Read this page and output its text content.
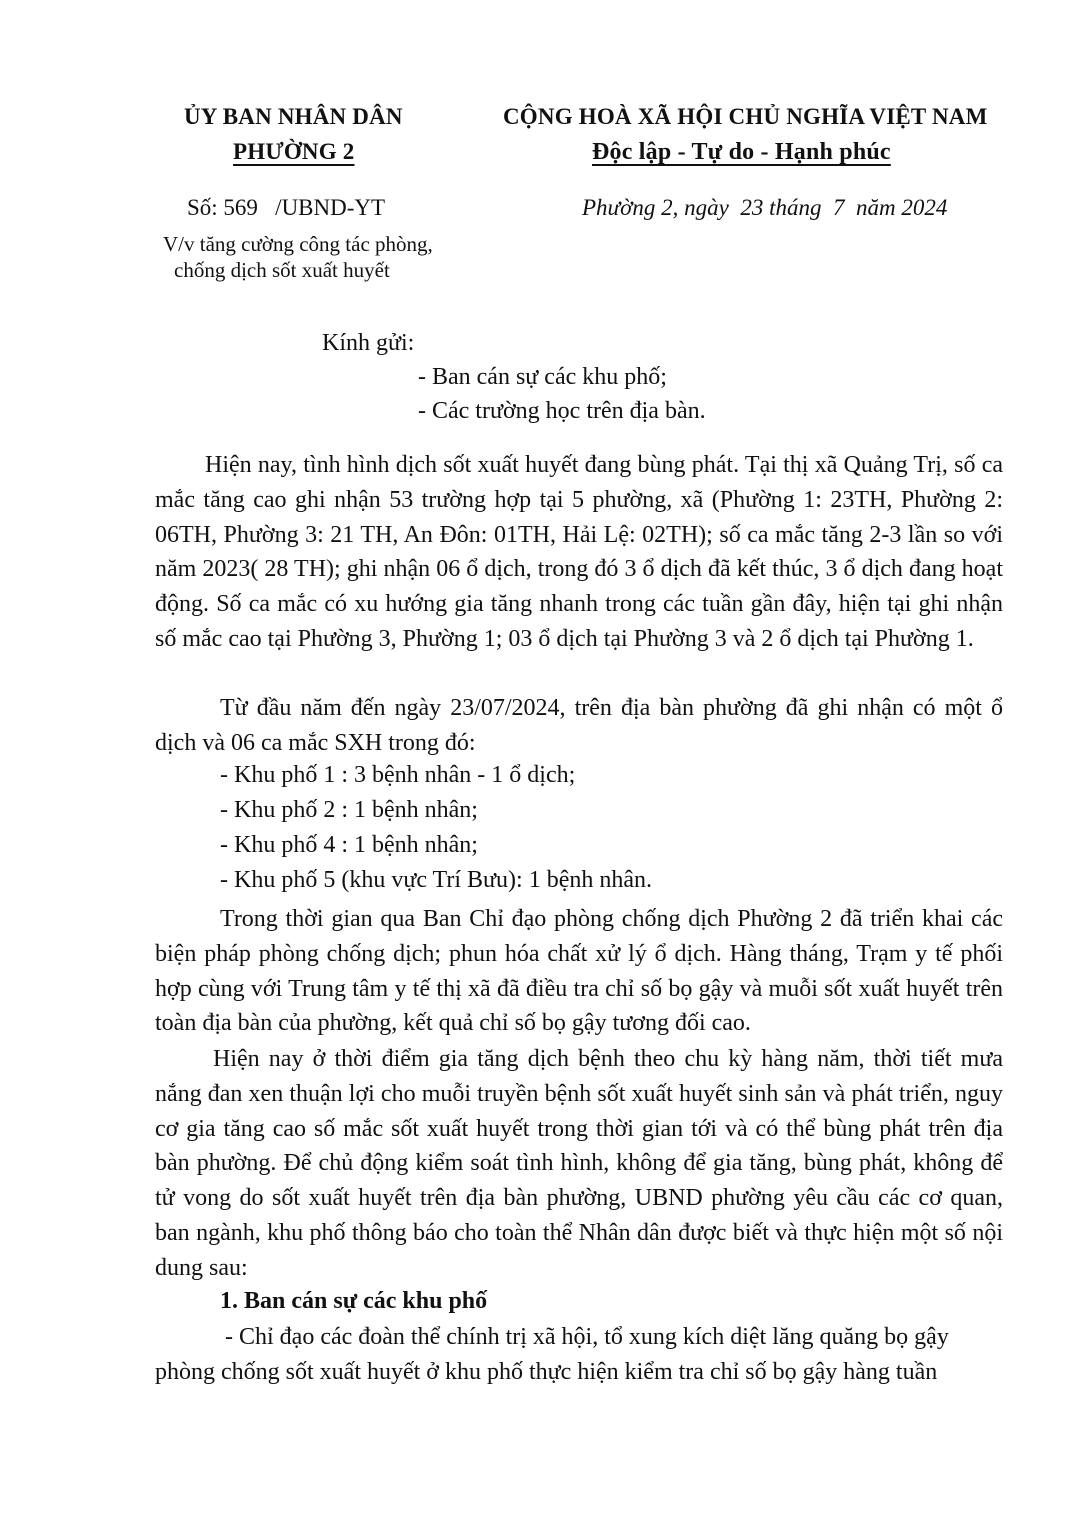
ỦY BAN NHÂN DÂN
PHƯỜNG 2
CỘNG HOÀ XÃ HỘI CHỦ NGHĨA VIỆT NAM
Độc lập - Tự do - Hạnh phúc
Số: 569   /UBND-YT	Phường 2, ngày  23 tháng  7  năm 2024
V/v tăng cường công tác phòng,
chống dịch sốt xuất huyết
Kính gửi:
- Ban cán sự các khu phố;
- Các trường học trên địa bàn.
Hiện nay, tình hình dịch sốt xuất huyết đang bùng phát. Tại thị xã Quảng Trị, số ca mắc tăng cao ghi nhận 53 trường hợp tại 5 phường, xã (Phường 1: 23TH, Phường 2: 06TH, Phường 3: 21 TH, An Đôn: 01TH, Hải Lệ: 02TH); số ca mắc tăng 2-3 lần so với năm 2023( 28 TH); ghi nhận 06 ổ dịch, trong đó 3 ổ dịch đã kết thúc, 3 ổ dịch đang hoạt động. Số ca mắc có xu hướng gia tăng nhanh trong các tuần gần đây, hiện tại ghi nhận số mắc cao tại Phường 3, Phường 1; 03 ổ dịch tại Phường 3 và 2 ổ dịch tại Phường 1.
Từ đầu năm đến ngày 23/07/2024, trên địa bàn phường đã ghi nhận có một ổ dịch và 06 ca mắc SXH trong đó:
- Khu phố 1 : 3 bệnh nhân - 1 ổ dịch;
- Khu phố 2 : 1 bệnh nhân;
- Khu phố 4 : 1 bệnh nhân;
- Khu phố 5 (khu vực Trí Bưu): 1 bệnh nhân.
Trong thời gian qua Ban Chỉ đạo phòng chống dịch Phường 2 đã triển khai các biện pháp phòng chống dịch; phun hóa chất xử lý ổ dịch. Hàng tháng, Trạm y tế phối hợp cùng với Trung tâm y tế thị xã đã điều tra chỉ số bọ gậy và muỗi sốt xuất huyết trên toàn địa bàn của phường, kết quả chỉ số bọ gậy tương đối cao.
Hiện nay ở thời điểm gia tăng dịch bệnh theo chu kỳ hàng năm, thời tiết mưa nắng đan xen thuận lợi cho muỗi truyền bệnh sốt xuất huyết sinh sản và phát triển, nguy cơ gia tăng cao số mắc sốt xuất huyết trong thời gian tới và có thể bùng phát trên địa bàn phường. Để chủ động kiểm soát tình hình, không để gia tăng, bùng phát, không để tử vong do sốt xuất huyết trên địa bàn phường, UBND phường yêu cầu các cơ quan, ban ngành, khu phố thông báo cho toàn thể Nhân dân được biết và thực hiện một số nội dung sau:
1. Ban cán sự các khu phố
- Chỉ đạo các đoàn thể chính trị xã hội, tổ xung kích diệt lăng quăng bọ gậy
phòng chống sốt xuất huyết ở khu phố thực hiện kiểm tra chỉ số bọ gậy hàng tuần
